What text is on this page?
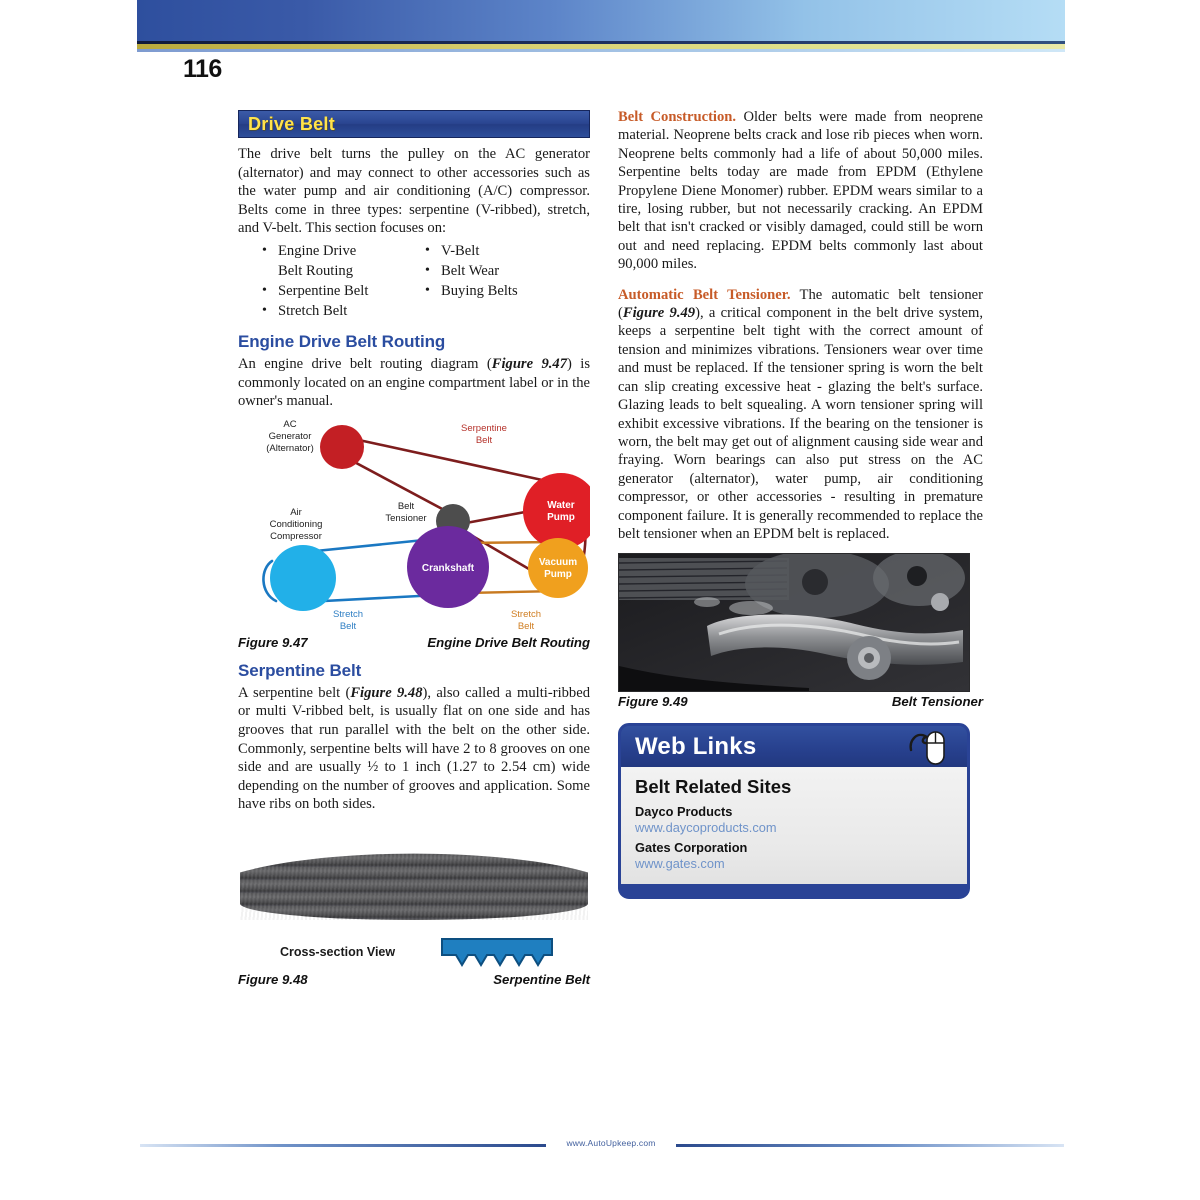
116
Drive Belt

The drive belt turns the pulley on the AC generator (alternator) and may connect to other accessories such as the water pump and air conditioning (A/C) compressor. Belts come in three types: serpentine (V-ribbed), stretch, and V-belt. This section focuses on:

• Engine Drive
Belt Routing
• Serpentine Belt
• Stretch Belt
• V-Belt
• Belt Wear
• Buying Belts
Engine Drive Belt Routing

An engine drive belt routing diagram (Figure 9.47) is commonly located on an engine compartment label or in the owner's manual.

Water
Pump
Crankshaft
Vacuum
Pump
AC
Generator
(Alternator)
Air
Conditioning
Compressor
Belt
Tensioner
Serpentine
Belt
Stretch
Belt
Stretch
Belt
Figure 9.47	Engine Drive Belt Routing
Serpentine Belt

A serpentine belt (Figure 9.48), also called a multi-ribbed or multi V-ribbed belt, is usually flat on one side and has grooves that run parallel with the belt on the other side. Commonly, serpentine belts will have 2 to 8 grooves on one side and are usually ½ to 1 inch (1.27 to 2.54 cm) wide depending on the number of grooves and application. Some have ribs on both sides.

Cross-section View
Figure 9.48	Serpentine Belt

Belt Construction. Older belts were made from neoprene material. Neoprene belts crack and lose rib pieces when worn. Neoprene belts commonly had a life of about 50,000 miles. Serpentine belts today are made from EPDM (Ethylene Propylene Diene Monomer) rubber. EPDM wears similar to a tire, losing rubber, but not necessarily cracking. An EPDM belt that isn't cracked or visibly damaged, could still be worn out and need replacing. EPDM belts commonly last about 90,000 miles.

Automatic Belt Tensioner. The automatic belt tensioner (Figure 9.49), a critical component in the belt drive system, keeps a serpentine belt tight with the correct amount of tension and minimizes vibrations. Tensioners wear over time and must be replaced. If the tensioner spring is worn the belt can slip creating excessive heat - glazing the belt's surface. Glazing leads to belt squealing. A worn tensioner spring will exhibit excessive vibrations. If the bearing on the tensioner is worn, the belt may get out of alignment causing side wear and fraying. Worn bearings can also put stress on the AC generator (alternator), water pump, air conditioning compressor, or other accessories - resulting in premature component failure. It is generally recommended to replace the belt tensioner when an EPDM belt is replaced.

Figure 9.49	Belt Tensioner
Web Links
Belt Related Sites
Dayco Products
www.daycoproducts.com
Gates Corporation
www.gates.com
www.AutoUpkeep.com
